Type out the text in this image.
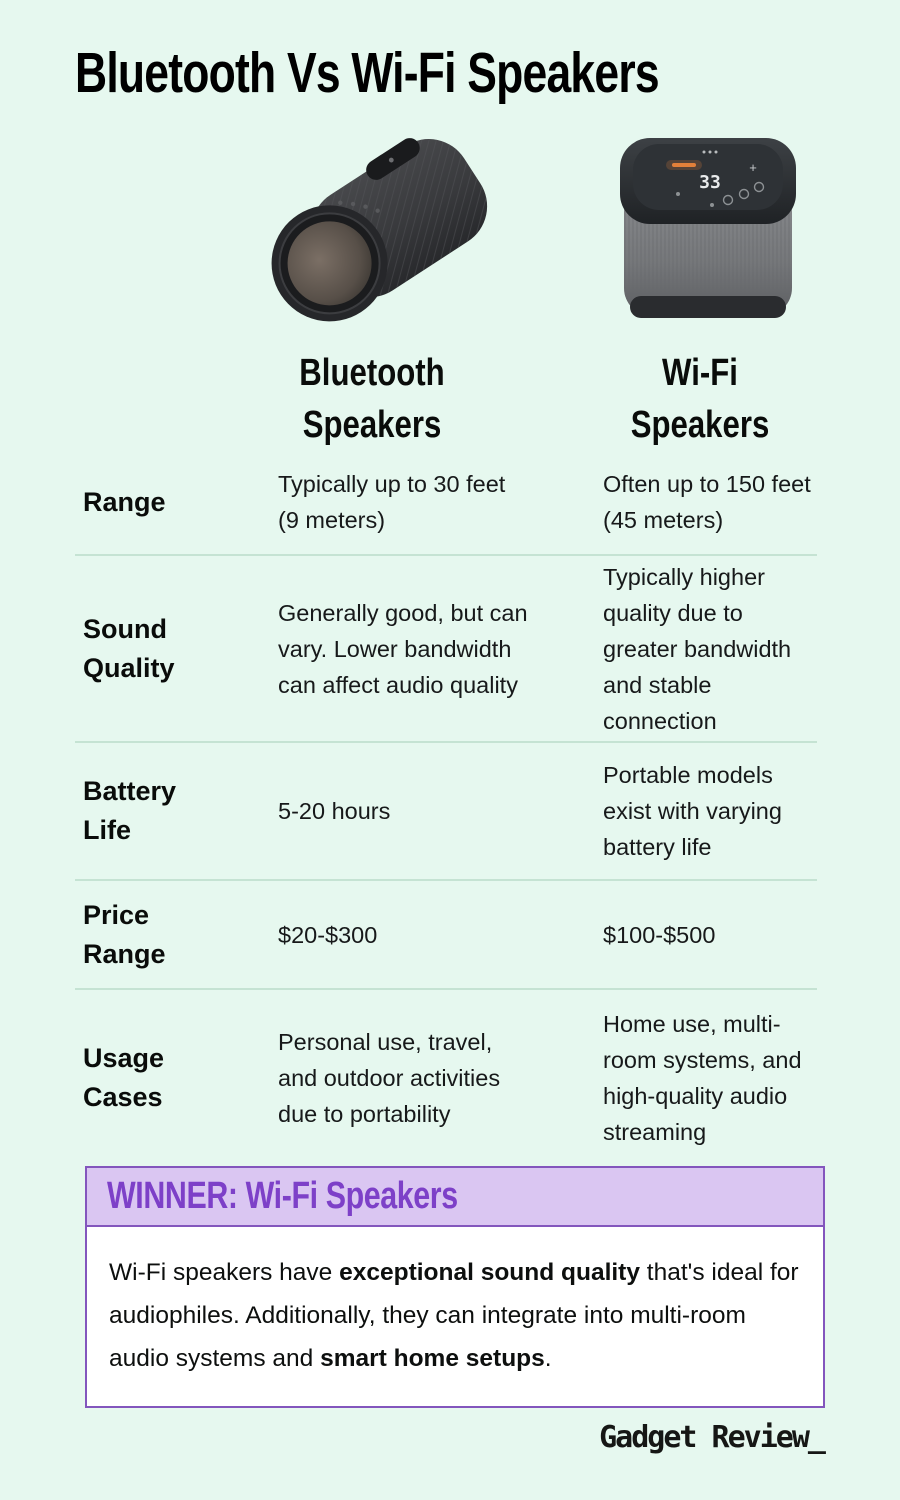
Bluetooth Vs Wi-Fi Speakers
33
+
Bluetooth Speakers
Wi-Fi Speakers
Range
Typically up to 30 feet (9 meters)
Often up to 150 feet (45 meters)
Sound Quality
Generally good, but can vary. Lower bandwidth can affect audio quality
Typically higher quality due to greater bandwidth and stable connection
Battery Life
5-20 hours
Portable models exist with varying battery life
Price Range
$20-$300	$100-$500
Usage Cases
Personal use, travel, and outdoor activities due to portability
Home use, multi-room systems, and high-quality audio streaming
WINNER: Wi-Fi Speakers
Wi-Fi speakers have exceptional sound quality that's ideal for audiophiles. Additionally, they can integrate into multi-room audio systems and smart home setups.
Gadget Review_
